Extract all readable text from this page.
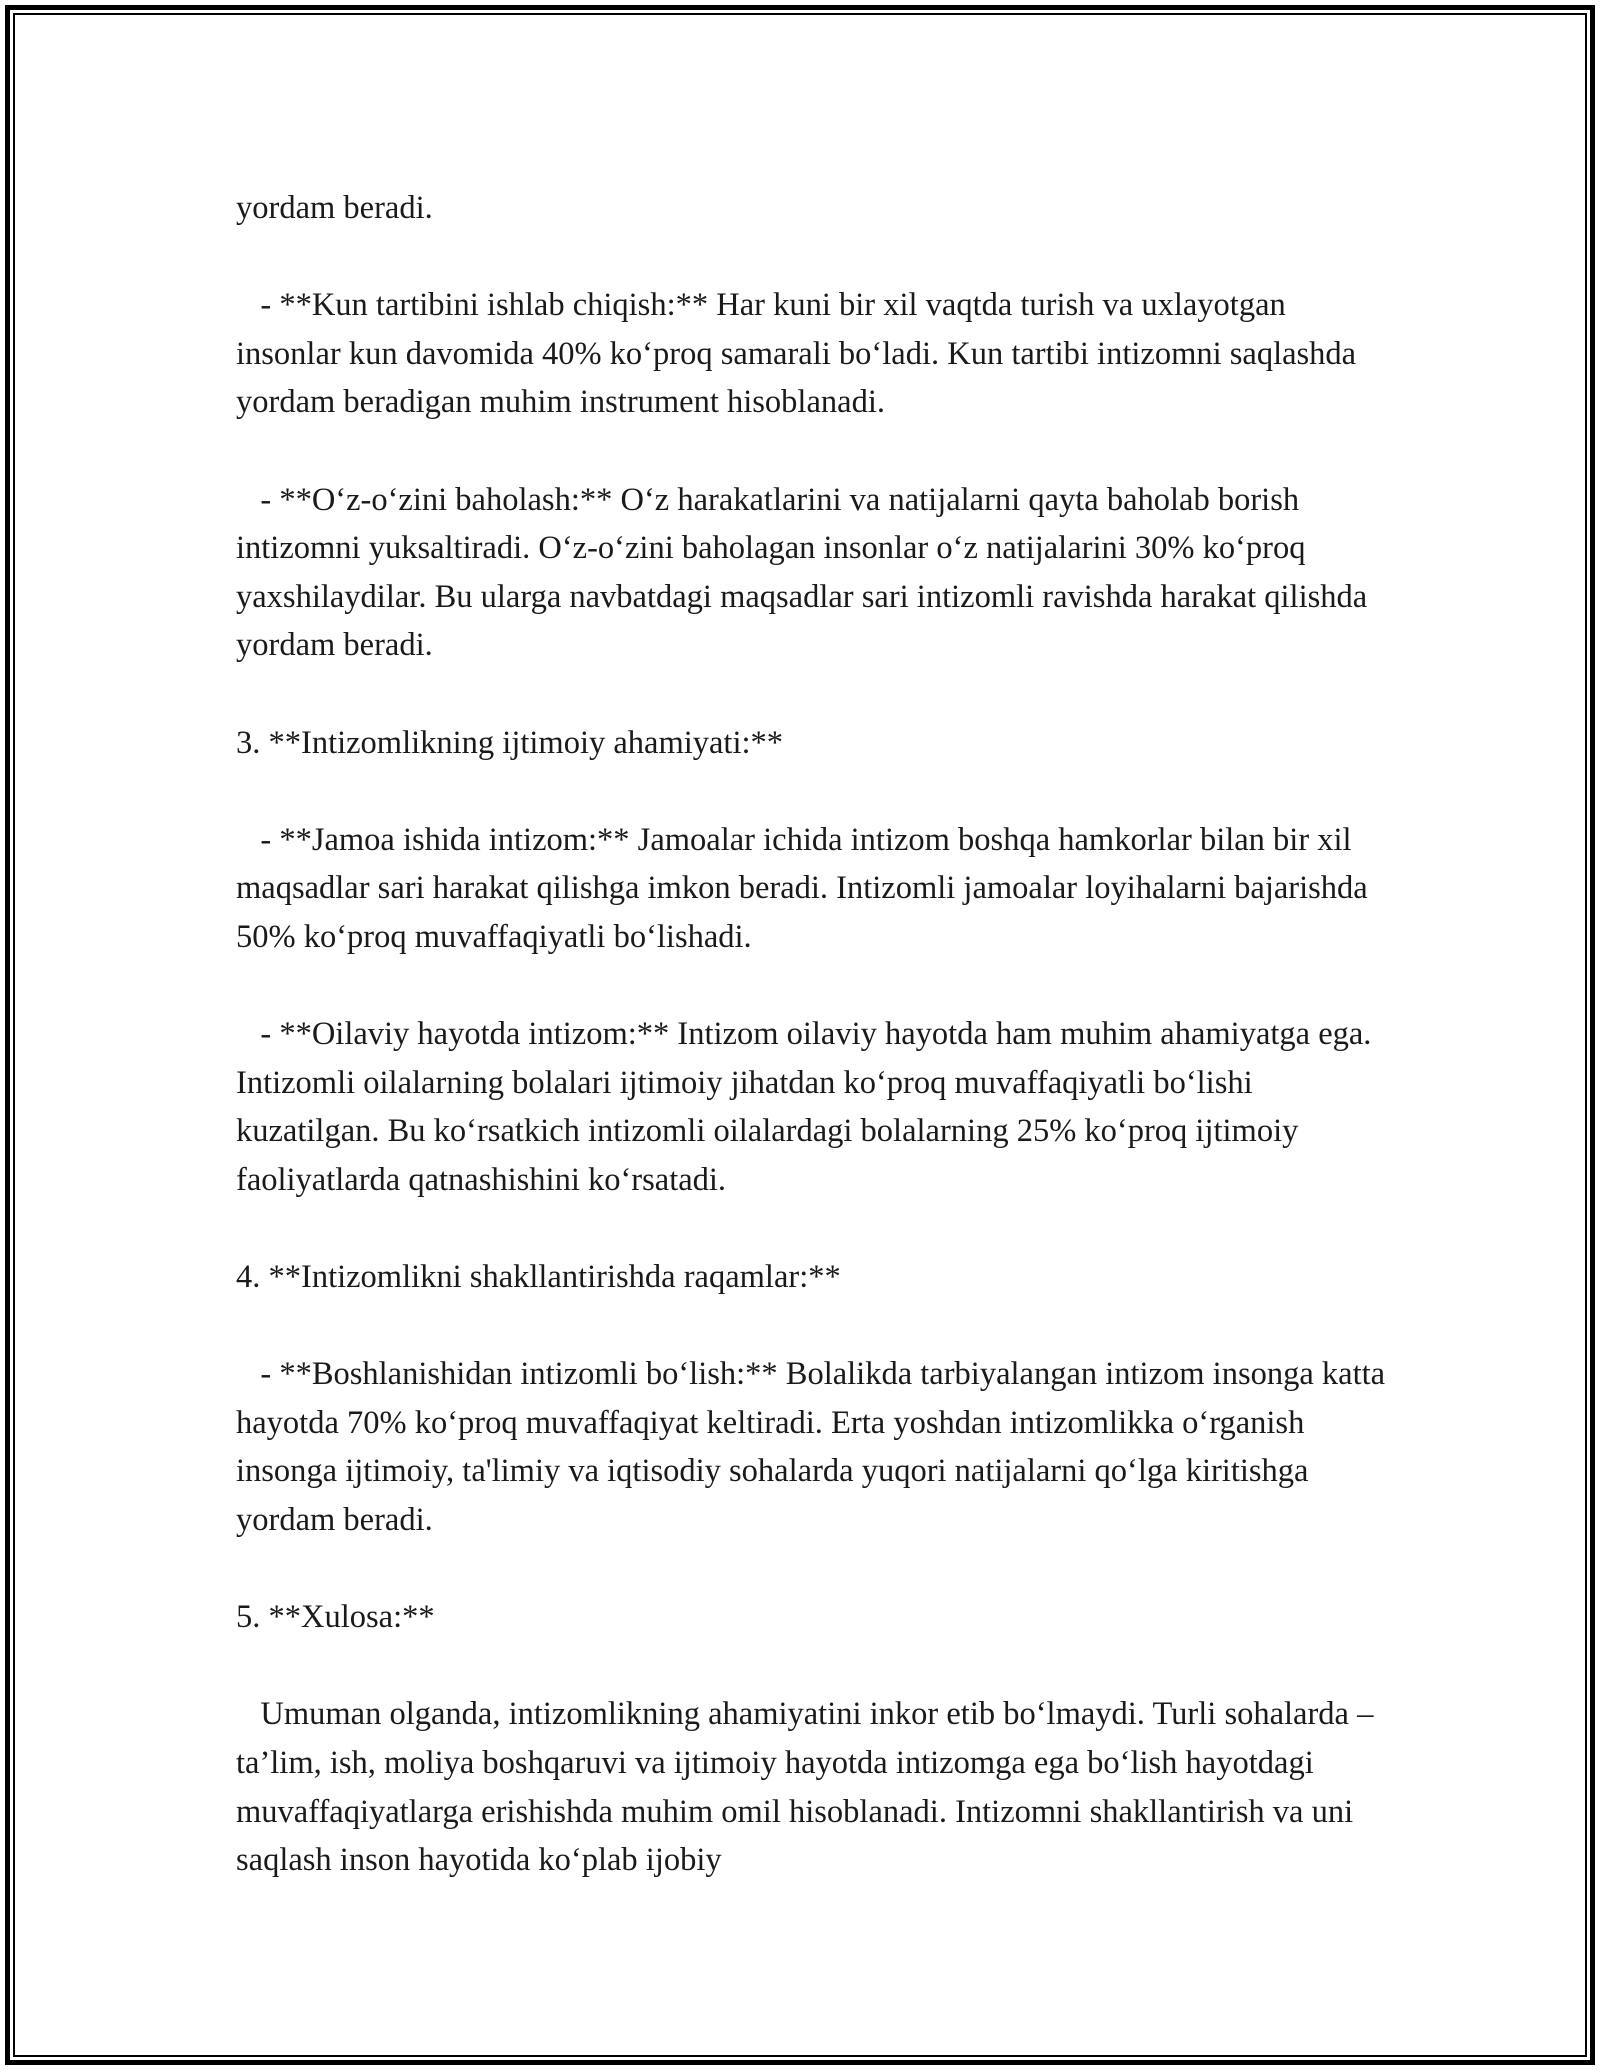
yordam beradi.

- **Kun tartibini ishlab chiqish:** Har kuni bir xil vaqtda turish va uxlayotgan insonlar kun davomida 40% ko‘proq samarali bo‘ladi. Kun tartibi intizomni saqlashda yordam beradigan muhim instrument hisoblanadi.

- **O‘z-o‘zini baholash:** O‘z harakatlarini va natijalarni qayta baholab borish intizomni yuksaltiradi. O‘z-o‘zini baholagan insonlar o‘z natijalarini 30% ko‘proq yaxshilaydilar. Bu ularga navbatdagi maqsadlar sari intizomli ravishda harakat qilishda yordam beradi.

3. **Intizomlikning ijtimoiy ahamiyati:**

- **Jamoa ishida intizom:** Jamoalar ichida intizom boshqa hamkorlar bilan bir xil maqsadlar sari harakat qilishga imkon beradi. Intizomli jamoalar loyihalarni bajarishda 50% ko‘proq muvaffaqiyatli bo‘lishadi.

- **Oilaviy hayotda intizom:** Intizom oilaviy hayotda ham muhim ahamiyatga ega. Intizomli oilalarning bolalari ijtimoiy jihatdan ko‘proq muvaffaqiyatli bo‘lishi kuzatilgan. Bu ko‘rsatkich intizomli oilalardagi bolalarning 25% ko‘proq ijtimoiy faoliyatlarda qatnashishini ko‘rsatadi.

4. **Intizomlikni shakllantirishda raqamlar:**

- **Boshlanishidan intizomli bo‘lish:** Bolalikda tarbiyalangan intizom insonga katta hayotda 70% ko‘proq muvaffaqiyat keltiradi. Erta yoshdan intizomlikka o‘rganish insonga ijtimoiy, ta'limiy va iqtisodiy sohalarda yuqori natijalarni qo‘lga kiritishga yordam beradi.

5. **Xulosa:**

Umuman olganda, intizomlikning ahamiyatini inkor etib bo‘lmaydi. Turli sohalarda – ta’lim, ish, moliya boshqaruvi va ijtimoiy hayotda intizomga ega bo‘lish hayotdagi muvaffaqiyatlarga erishishda muhim omil hisoblanadi. Intizomni shakllantirish va uni saqlash inson hayotida ko‘plab ijobiy
